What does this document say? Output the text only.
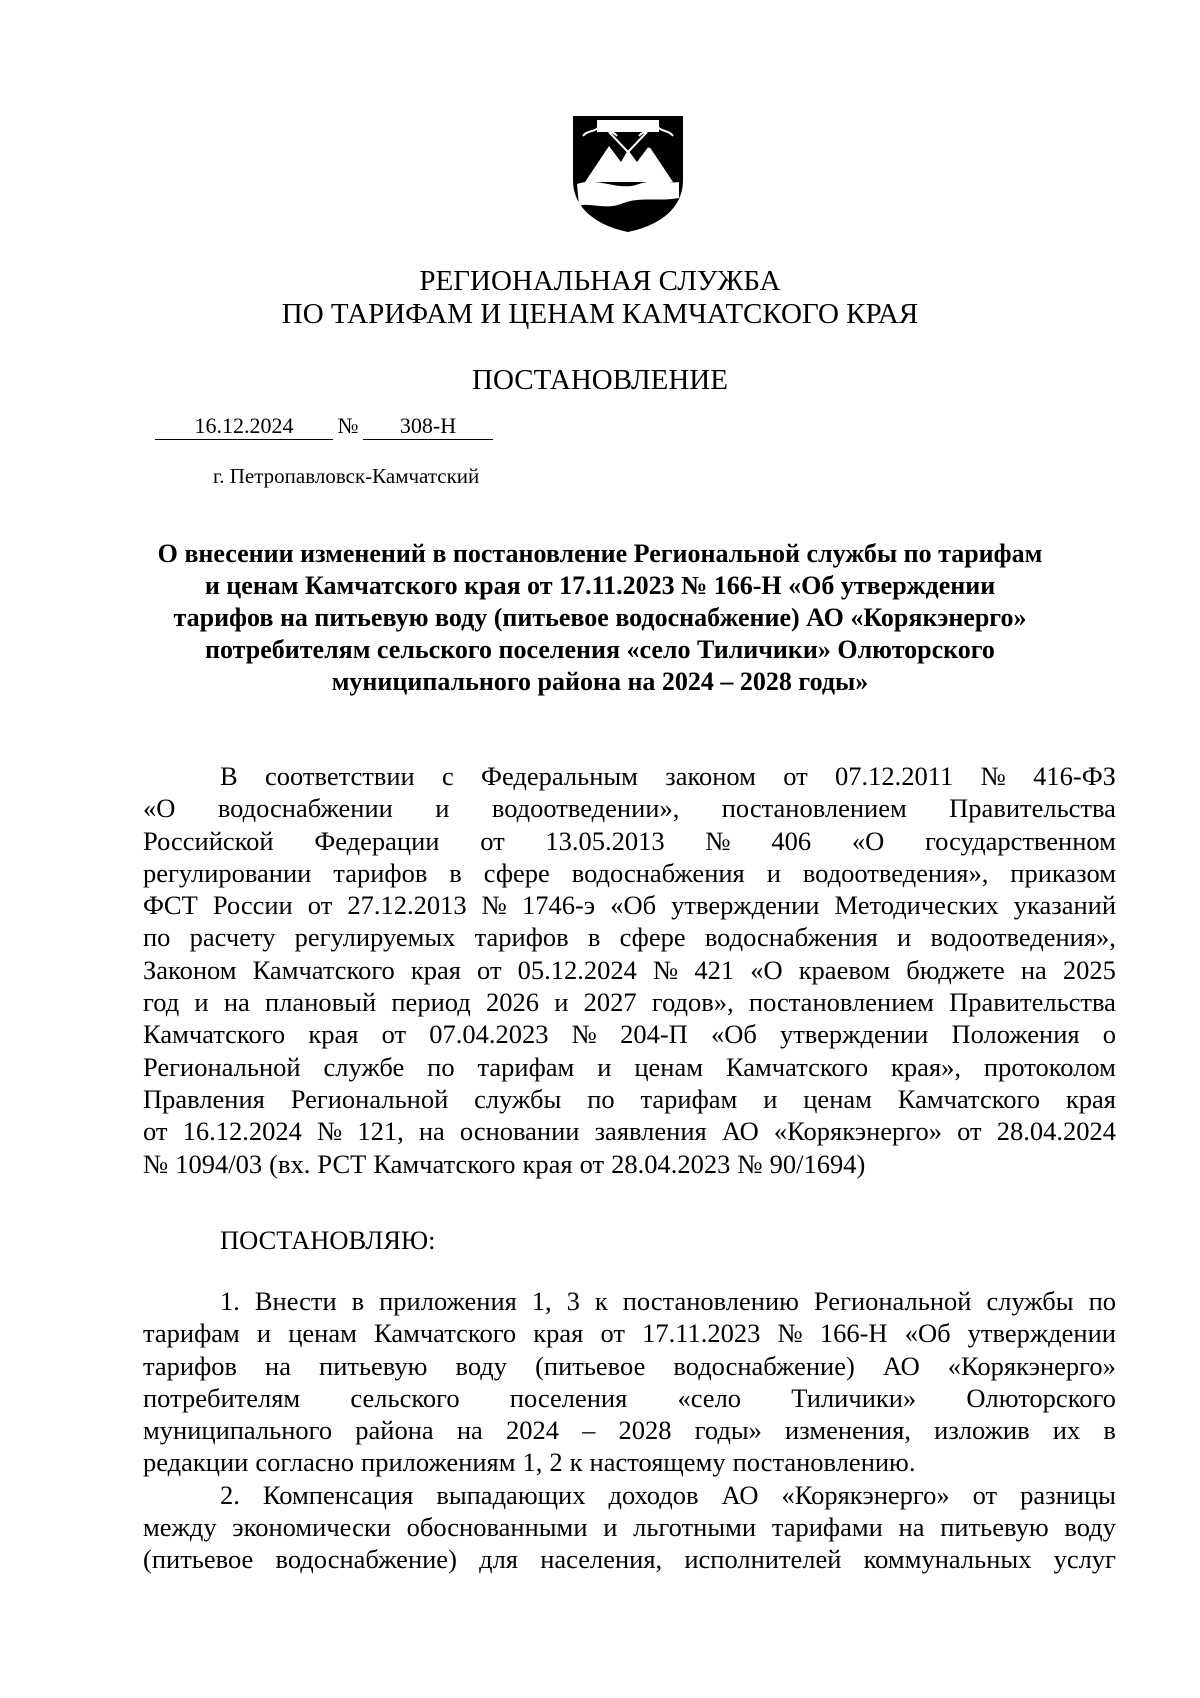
РЕГИОНАЛЬНАЯ СЛУЖБА
ПО ТАРИФАМ И ЦЕНАМ КАМЧАТСКОГО КРАЯ
ПОСТАНОВЛЕНИЕ
16.12.2024 № 308-Н
г. Петропавловск-Камчатский
О внесении изменений в постановление Региональной службы по тарифам
и ценам Камчатского края от 17.11.2023 № 166-Н «Об утверждении
тарифов на питьевую воду (питьевое водоснабжение) АО «Корякэнерго»
потребителям сельского поселения «село Тиличики» Олюторского
муниципального района на 2024 – 2028 годы»
В соответствии с Федеральным законом от 07.12.2011 № 416-ФЗ
«О водоснабжении и водоотведении», постановлением Правительства
Российской Федерации от 13.05.2013 № 406 «О государственном
регулировании тарифов в сфере водоснабжения и водоотведения», приказом
ФСТ России от 27.12.2013 № 1746-э «Об утверждении Методических указаний
по расчету регулируемых тарифов в сфере водоснабжения и водоотведения»,
Законом Камчатского края от 05.12.2024 № 421 «О краевом бюджете на 2025
год и на плановый период 2026 и 2027 годов», постановлением Правительства
Камчатского края от 07.04.2023 № 204-П «Об утверждении Положения о
Региональной службе по тарифам и ценам Камчатского края», протоколом
Правления Региональной службы по тарифам и ценам Камчатского края
от 16.12.2024 № 121, на основании заявления АО «Корякэнерго» от 28.04.2024
№ 1094/03 (вх. РСТ Камчатского края от 28.04.2023 № 90/1694)
ПОСТАНОВЛЯЮ:
1. Внести в приложения 1, 3 к постановлению Региональной службы по
тарифам и ценам Камчатского края от 17.11.2023 № 166-Н «Об утверждении
тарифов на питьевую воду (питьевое водоснабжение) АО «Корякэнерго»
потребителям сельского поселения «село Тиличики» Олюторского
муниципального района на 2024 – 2028 годы» изменения, изложив их в
редакции согласно приложениям 1, 2 к настоящему постановлению.
2. Компенсация выпадающих доходов АО «Корякэнерго» от разницы
между экономически обоснованными и льготными тарифами на питьевую воду
(питьевое водоснабжение) для населения, исполнителей коммунальных услуг
